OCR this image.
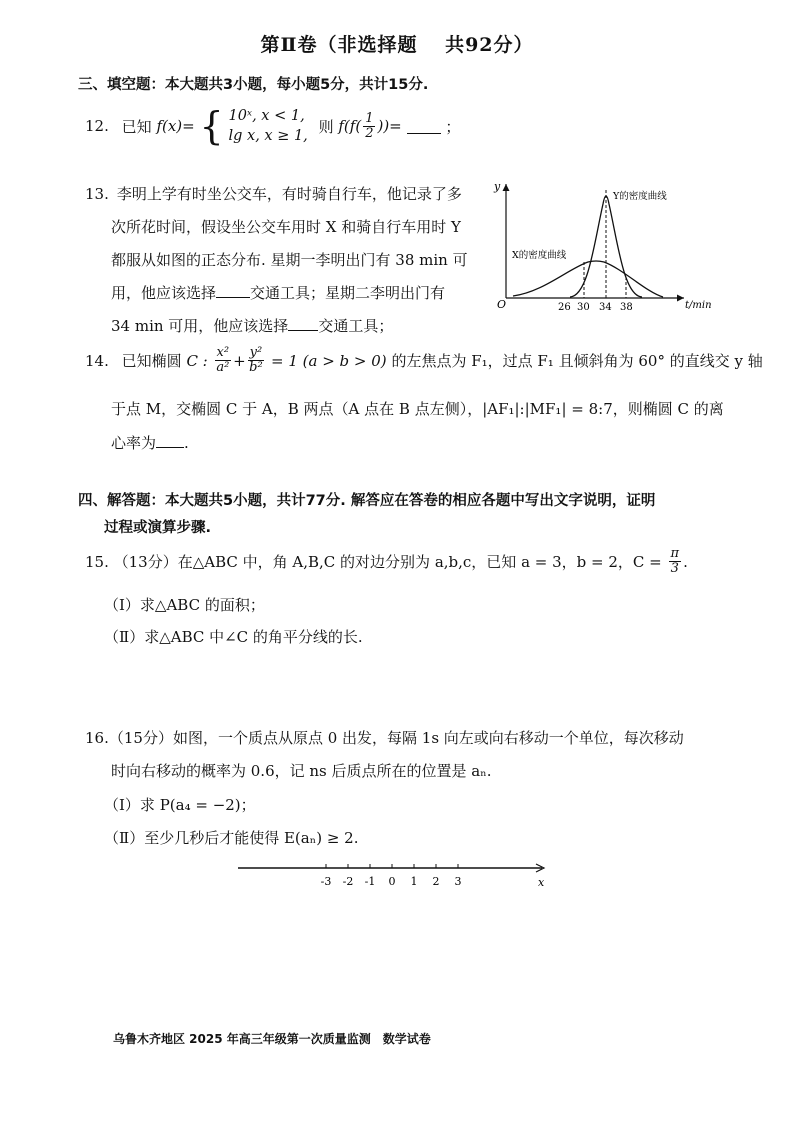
第Ⅱ卷（非选择题　 共92分）
三、填空题：本大题共3小题，每小题5分，共计15分.
12. 已知 f(x)= { 10ˣ, x < 1,
lg x, x ≥ 1,
则 $f(f( \frac{1}{2}$ ))=	；
13. 李明上学有时坐公交车，有时骑自行车，他记录了多
次所花时间，假设坐公交车用时 X 和骑自行车用时 Y
都服从如图的正态分布. 星期一李明出门有 38 min 可
用，他应该选择 交通工具；星期二李明出门有
34 min 可用，他应该选择 交通工具；
y
O	t/min
26 30 34 38
Y的密度曲线
X的密度曲线
14. 已知椭圆 C : $\frac{\text{x²}}{\text{a²}} + \frac{\text{y²}}{\text{b²}} = 1$ (a > b > 0) 的左焦点为 F₁，过点 F₁ 且倾斜角为 60° 的直线交 y 轴
于点 M，交椭圆 C 于 A，B 两点（A 点在 B 点左侧），|AF₁|:|MF₁| = 8:7，则椭圆 C 的离
心率为 .
四、解答题：本大题共5小题，共计77分. 解答应在答卷的相应各题中写出文字说明，证明
过程或演算步骤.
15. （13分）在△ABC 中，角 A,B,C 的对边分别为 a,b,c，已知 a = 3，b = 2，$C = \frac{\pi}{3}$ .
（Ⅰ）求△ABC 的面积；
（Ⅱ）求△ABC 中∠C 的角平分线的长.
16.（15分）如图，一个质点从原点 0 出发，每隔 1s 向左或向右移动一个单位，每次移动
时向右移动的概率为 0.6，记 ns 后质点所在的位置是 aₙ.
（Ⅰ）求 P(a₄ = −2)；
（Ⅱ）至少几秒后才能使得 E(aₙ) ≥ 2.
-3 -2 -1 0 1 2 3	x
乌鲁木齐地区 2025 年高三年级第一次质量监测　数学试卷
